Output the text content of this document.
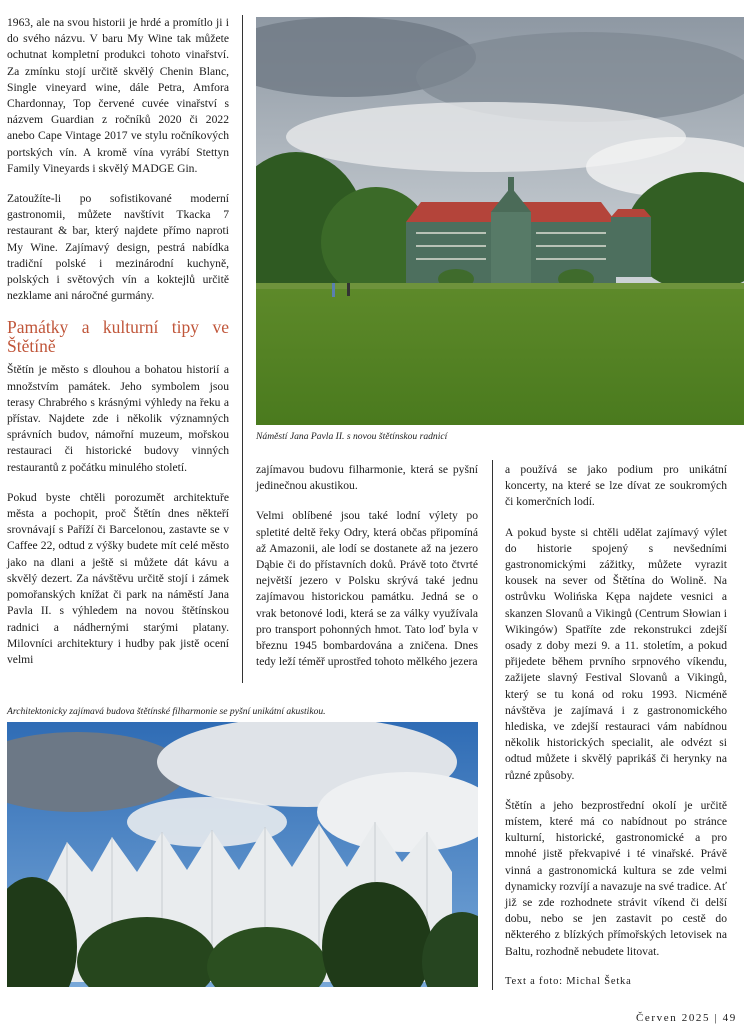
1963, ale na svou historii je hrdé a promítlo ji i do svého názvu. V baru My Wine tak můžete ochutnat kompletní produkci tohoto vinařství. Za zmínku stojí určitě skvělý Chenin Blanc, Single vineyard wine, dále Petra, Amfora Chardonnay, Top červené cuvée vinařství s názvem Guardian z ročníků 2020 či 2022 anebo Cape Vintage 2017 ve stylu ročníkových portských vín. A kromě vína vyrábí Stettyn Family Vineyards i skvělý MADGE Gin.

Zatoužíte-li po sofistikované moderní gastronomii, můžete navštívit Tkacka 7 restaurant & bar, který najdete přímo naproti My Wine. Zajímavý design, pestrá nabídka tradiční polské i mezinárodní kuchyně, polských i světových vín a koktejlů určitě nezklame ani náročné gurmány.

Památky a kulturní tipy ve Štětíně

Štětín je město s dlouhou a bohatou historií a množstvím památek. Jeho symbolem jsou terasy Chrabrého s krásnými výhledy na řeku a přístav. Najdete zde i několik významných správních budov, námořní muzeum, mořskou restauraci či historické budovy vinných restaurantů z počátku minulého století.

Pokud byste chtěli porozumět architektuře města a pochopit, proč Štětín dnes někteří srovnávají s Paříží či Barcelonou, zastavte se v Caffee 22, odtud z výšky budete mít celé město jako na dlani a ještě si můžete dát kávu a skvělý dezert. Za návštěvu určitě stojí i zámek pomořanských knížat či park na náměstí Jana Pavla II. s výhledem na novou štětínskou radnici a nádhernými starými platany. Milovníci architektury i hudby pak jistě ocení velmi

Náměstí Jana Pavla II. s novou štětínskou radnicí

zajímavou budovu filharmonie, která se pyšní jedinečnou akustikou.

Velmi oblíbené jsou také lodní výlety po spletité deltě řeky Odry, která občas připomíná až Amazonii, ale lodí se dostanete až na jezero Dąbie či do přístavních doků. Právě toto čtvrté největší jezero v Polsku skrývá také jednu zajímavou historickou památku. Jedná se o vrak betonové lodi, která se za války využívala pro transport pohonných hmot. Tato loď byla v březnu 1945 bombardována a zničena. Dnes tedy leží téměř uprostřed tohoto mělkého jezera

a používá se jako podium pro unikátní koncerty, na které se lze dívat ze soukromých či komerčních lodí.

A pokud byste si chtěli udělat zajímavý výlet do historie spojený s nevšedními gastronomickými zážitky, můžete vyrazit kousek na sever od Štětína do Wolině. Na ostrůvku Wolińska Kępa najdete vesnici a skanzen Slovanů a Vikingů (Centrum Słowian i Wikingów) Spatříte zde rekonstrukci zdejší osady z doby mezi 9. a 11. stoletím, a pokud přijedete během prvního srpnového víkendu, zažijete slavný Festival Slovanů a Vikingů, který se tu koná od roku 1993. Nicméně návštěva je zajímavá i z gastronomického hlediska, ve zdejší restauraci vám nabídnou několik historických specialit, ale odvézt si odtud můžete i skvělý paprikáš či herynky na různé způsoby.

Štětín a jeho bezprostřední okolí je určitě místem, které má co nabídnout po stránce kulturní, historické, gastronomické a pro mnohé jistě překvapivé i té vinařské. Právě vinná a gastronomická kultura se zde velmi dynamicky rozvíjí a navazuje na své tradice. Ať již se zde rozhodnete strávit víkend či delší dobu, nebo se jen zastavit po cestě do některého z blízkých přímořských letovisek na Baltu, rozhodně nebudete litovat.

Architektonicky zajímavá budova štětínské filharmonie se pyšní unikátní akustikou.
Text a foto: Michal Šetka
Červen 2025 | 49
